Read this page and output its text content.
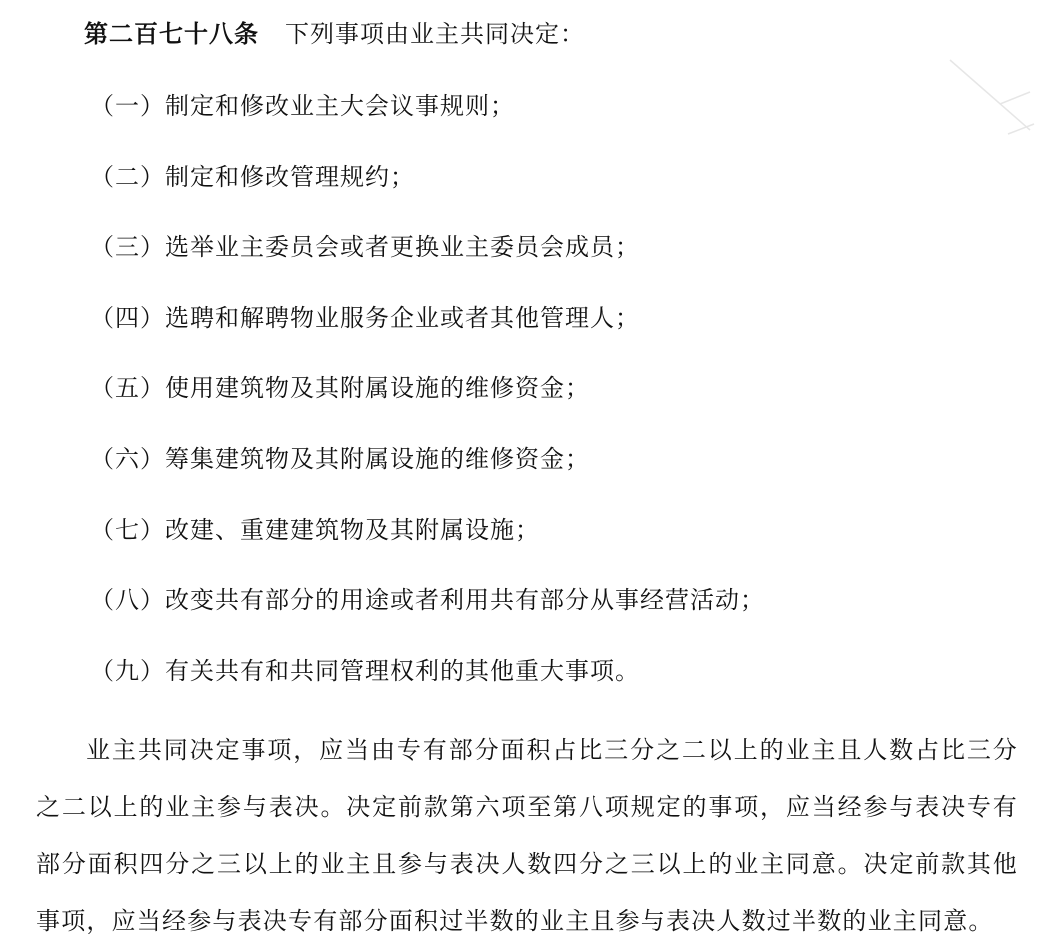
第二百七十八条 下列事项由业主共同决定：
（一）制定和修改业主大会议事规则；
（二）制定和修改管理规约；
（三）选举业主委员会或者更换业主委员会成员；
（四）选聘和解聘物业服务企业或者其他管理人；
（五）使用建筑物及其附属设施的维修资金；
（六）筹集建筑物及其附属设施的维修资金；
（七）改建、重建建筑物及其附属设施；
（八）改变共有部分的用途或者利用共有部分从事经营活动；
（九）有关共有和共同管理权利的其他重大事项。
业主共同决定事项，应当由专有部分面积占比三分之二以上的业主且人数占比三分之二以上的业主参与表决。决定前款第六项至第八项规定的事项，应当经参与表决专有部分面积四分之三以上的业主且参与表决人数四分之三以上的业主同意。决定前款其他事项，应当经参与表决专有部分面积过半数的业主且参与表决人数过半数的业主同意。
